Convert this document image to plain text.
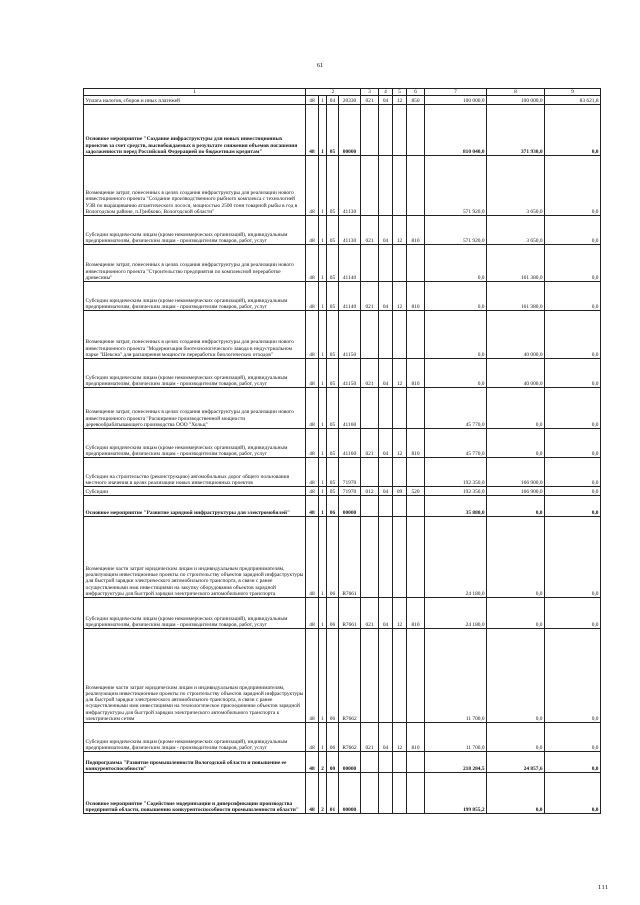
61
1	2				3	4	5	6	7	8	9
Уплата налогов, сборов и иных платежей	48	1	04	20330	021	04	12	850	100 000,0	100 000,0	83 621,8
Основное мероприятие "Создание инфраструктуры для новых инвестиционных проектов за счет средств, высвобождаемых в результате снижения объемов погашения задолженности перед Российской Федерацией по бюджетным кредитам"	48	1	05	00000					810 040,0	371 930,0	0,0
Возмещение затрат, понесенных в целях создания инфраструктуры для реализации нового инвестиционного проекта "Создание производственного рыбного комплекса с технологией УЗВ по выращиванию атлантического лосося, мощностью 2500 тонн товарной рыбы в год в Вологодском районе, п.Грибково, Вологодской области"	48	1	05	41130					571 920,0	3 650,0	0,0
Субсидии юридическим лицам (кроме некоммерческих организаций), индивидуальным предпринимателям, физическим лицам - производителям товаров, работ, услуг	48	1	05	41130	021	04	12	810	571 920,0	3 650,0	0,0
Возмещение затрат, понесенных в целях создания инфраструктуры для реализации нового инвестиционного проекта "Строительство предприятия по комплексной переработке древесины"	48	1	05	41140					0,0	161 380,0	0,0
Субсидии юридическим лицам (кроме некоммерческих организаций), индивидуальным предпринимателям, физическим лицам - производителям товаров, работ, услуг	48	1	05	41140	021	04	12	810	0,0	161 380,0	0,0
Возмещение затрат, понесенных в целях создания инфраструктуры для реализации нового инвестиционного проекта "Модернизация биотехнологического завода в индустриальном парке "Шексна" для расширения мощности переработки биологических отходов"	48	1	05	41150					0,0	40 000,0	0,0
Субсидии юридическим лицам (кроме некоммерческих организаций), индивидуальным предпринимателям, физическим лицам - производителям товаров, работ, услуг	48	1	05	41150	021	04	12	810	0,0	40 000,0	0,0
Возмещение затрат, понесенных в целях создания инфраструктуры для реализации нового инвестиционного проекта "Расширение производственной мощности деревообрабатывающего производства ООО "Хольц"	48	1	05	41160					45 770,0	0,0	0,0
Субсидии юридическим лицам (кроме некоммерческих организаций), индивидуальным предпринимателям, физическим лицам - производителям товаров, работ, услуг	48	1	05	41160	021	04	12	810	45 770,0	0,0	0,0
Субсидии на строительство (реконструкцию) автомобильных дорог общего пользования местного значения в целях реализации новых инвестиционных проектов	48	1	05	71970					192 350,0	166 900,0	0,0
Субсидии	48	1	05	71970	012	04	09	520	192 350,0	166 900,0	0,0
Основное мероприятие "Развитие зарядной инфраструктуры для электромобилей"	48	1	06	00000					35 880,0	0,0	0,0
Возмещение части затрат юридическим лицам и индивидуальным предпринимателям, реализующим инвестиционные проекты по строительству объектов зарядной инфраструктуры для быстрой зарядки электрического автомобильного транспорта, в связи с ранее осуществленными ими инвестициями на закупку оборудования объектов зарядной инфраструктуры для быстрой зарядки электрического автомобильного транспорта	48	1	06	R7661					24 180,0	0,0	0,0
Субсидии юридическим лицам (кроме некоммерческих организаций), индивидуальным предпринимателям, физическим лицам - производителям товаров, работ, услуг	48	1	06	R7661	021	04	12	810	24 180,0	0,0	0,0
Возмещение части затрат юридическим лицам и индивидуальным предпринимателям, реализующим инвестиционные проекты по строительству объектов зарядной инфраструктуры для быстрой зарядки электрического автомобильного транспорта, в связи с ранее осуществленными ими инвестициями на технологическое присоединение объектов зарядной инфраструктуры для быстрой зарядки электрического автомобильного транспорта к электрическим сетям	48	1	06	R7662					11 700,0	0,0	0,0
Субсидии юридическим лицам (кроме некоммерческих организаций), индивидуальным предпринимателям, физическим лицам - производителям товаров, работ, услуг	48	1	06	R7662	021	04	12	810	11 700,0	0,0	0,0
Подпрограмма "Развитие промышленности Вологодской области и повышение ее конкурентоспособности"	48	2	00	00000					218 284,5	24 857,6	0,0
Основное мероприятие "Содействие модернизации и диверсификации производства предприятий области, повышению конкурентоспособности промышленности области"	48	2	01	00000					199 855,2	0,0	0,0
111
